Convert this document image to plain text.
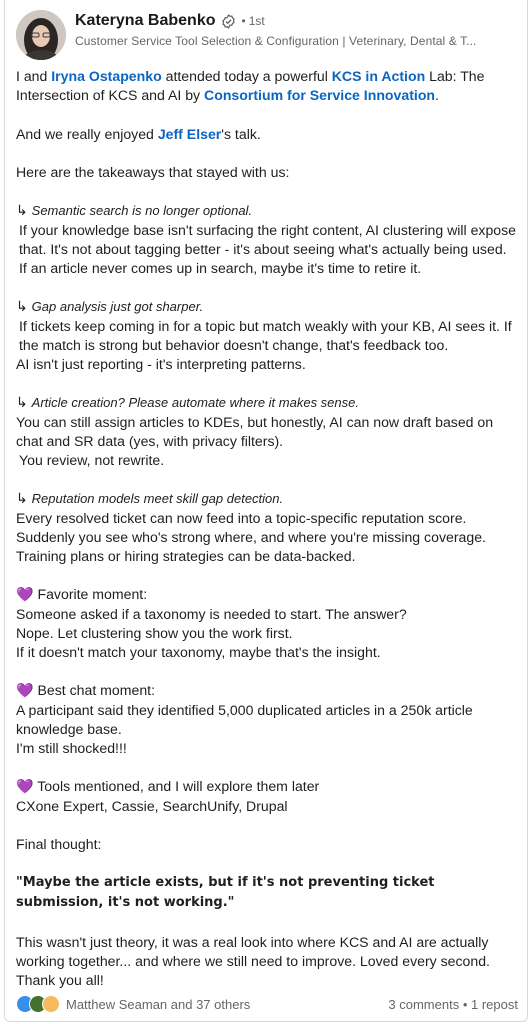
Kateryna Babenko • 1st
Customer Service Tool Selection & Configuration | Veterinary, Dental & T...

I and Iryna Ostapenko attended today a powerful KCS in Action Lab: The Intersection of KCS and AI by Consortium for Service Innovation.

And we really enjoyed Jeff Elser's talk.

Here are the takeaways that stayed with us:

↳ Semantic search is no longer optional.

If your knowledge base isn't surfacing the right content, AI clustering will expose that. It's not about tagging better - it's about seeing what's actually being used. If an article never comes up in search, maybe it's time to retire it.

↳ Gap analysis just got sharper.

If tickets keep coming in for a topic but match weakly with your KB, AI sees it. If the match is strong but behavior doesn't change, that's feedback too.

AI isn't just reporting - it's interpreting patterns.

↳ Article creation? Please automate where it makes sense.

You can still assign articles to KDEs, but honestly, AI can now draft based on chat and SR data (yes, with privacy filters).

You review, not rewrite.

↳ Reputation models meet skill gap detection.

Every resolved ticket can now feed into a topic-specific reputation score. Suddenly you see who's strong where, and where you're missing coverage. Training plans or hiring strategies can be data-backed.

💜 Favorite moment:

Someone asked if a taxonomy is needed to start. The answer?

Nope. Let clustering show you the work first.

If it doesn't match your taxonomy, maybe that's the insight.

💜 Best chat moment:

A participant said they identified 5,000 duplicated articles in a 250k article knowledge base.

I'm still shocked!!!

💜 Tools mentioned, and I will explore them later

CXone Expert, Cassie, SearchUnify, Drupal

Final thought:

"Maybe the article exists, but if it's not preventing ticket submission, it's not working."

This wasn't just theory, it was a real look into where KCS and AI are actually working together... and where we still need to improve. Loved every second.

Thank you all!

Matthew Seaman and 37 others	3 comments • 1 repost
